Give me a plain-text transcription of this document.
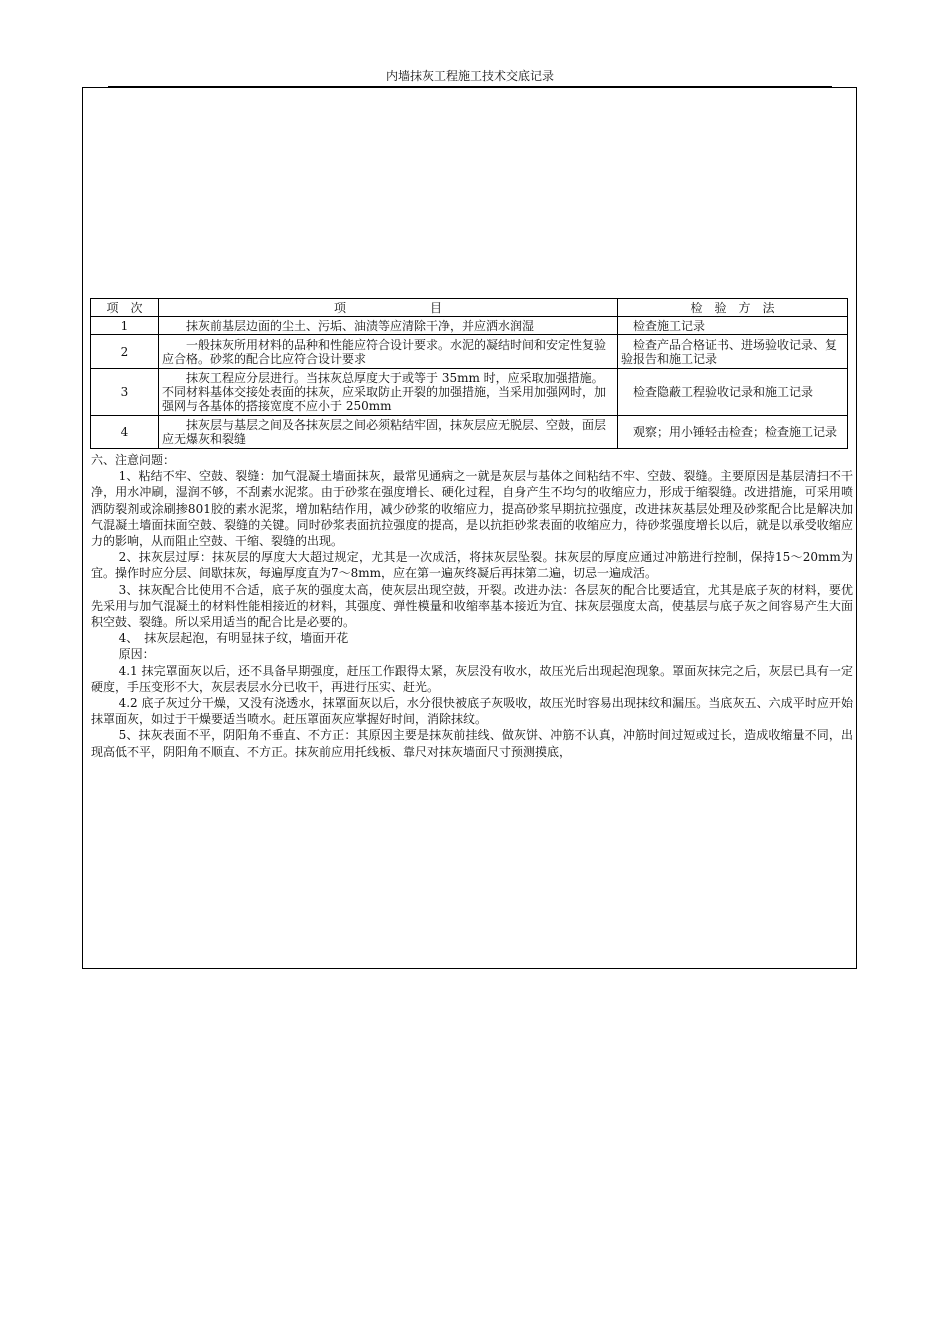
内墙抹灰工程施工技术交底记录
项　次	项　　　　　　　目	检　验　方　法
1	抹灰前基层边面的尘土、污垢、油渍等应清除干净，并应洒水润湿	检查施工记录
2	一般抹灰所用材料的品种和性能应符合设计要求。水泥的凝结时间和安定性复验应合格。砂浆的配合比应符合设计要求	检查产品合格证书、进场验收记录、复验报告和施工记录
3	抹灰工程应分层进行。当抹灰总厚度大于或等于 35mm 时，应采取加强措施。不同材料基体交接处表面的抹灰，应采取防止开裂的加强措施，当采用加强网时，加强网与各基体的搭接宽度不应小于 250mm	检查隐蔽工程验收记录和施工记录
4	抹灰层与基层之间及各抹灰层之间必须粘结牢固，抹灰层应无脱层、空鼓，面层应无爆灰和裂缝	观察；用小锤轻击检查；检查施工记录

六、注意问题：

1、粘结不牢、空鼓、裂缝：加气混凝土墙面抹灰，最常见通病之一就是灰层与基体之间粘结不牢、空鼓、裂缝。主要原因是基层清扫不干净，用水冲刷，湿润不够，不刮素水泥浆。由于砂浆在强度增长、硬化过程，自身产生不均匀的收缩应力，形成于缩裂缝。改进措施，可采用喷洒防裂剂或涂刷掺801胶的素水泥浆，增加粘结作用，减少砂浆的收缩应力，提高砂浆早期抗拉强度，改进抹灰基层处理及砂浆配合比是解决加气混凝土墙面抹面空鼓、裂缝的关键。同时砂浆表面抗拉强度的提高，是以抗拒砂浆表面的收缩应力，待砂浆强度增长以后，就是以承受收缩应力的影响，从而阻止空鼓、干缩、裂缝的出现。

2、抹灰层过厚：抹灰层的厚度大大超过规定，尤其是一次成活，将抹灰层坠裂。抹灰层的厚度应通过冲筋进行控制，保持15～20mm为宜。操作时应分层、间歇抹灰，每遍厚度直为7～8mm，应在第一遍灰终凝后再抹第二遍，切忌一遍成活。

3、抹灰配合比使用不合适，底子灰的强度太高，使灰层出现空鼓，开裂。改进办法：各层灰的配合比要适宜，尤其是底子灰的材料，要优先采用与加气混凝土的材料性能相接近的材料，其强度、弹性模量和收缩率基本接近为宜、抹灰层强度太高，使基层与底子灰之间容易产生大面积空鼓、裂缝。所以采用适当的配合比是必要的。

4、　抹灰层起泡，有明显抹子纹，墙面开花

原因：

4.1 抹完罩面灰以后，还不具备早期强度，赶压工作跟得太紧，灰层没有收水，故压光后出现起泡现象。罩面灰抹完之后，灰层已具有一定硬度，手压变形不大，灰层表层水分已收干，再进行压实、赶光。

4.2 底子灰过分干燥，又没有浇透水，抹罩面灰以后，水分很快被底子灰吸收，故压光时容易出现抹纹和漏压。当底灰五、六成平时应开始抹罩面灰，如过于干燥要适当喷水。赶压罩面灰应掌握好时间，消除抹纹。

5、抹灰表面不平，阴阳角不垂直、不方正：其原因主要是抹灰前挂线、做灰饼、冲筋不认真，冲筋时间过短或过长，造成收缩量不同，出现高低不平，阴阳角不顺直、不方正。抹灰前应用托线板、靠尺对抹灰墙面尺寸预测摸底，
